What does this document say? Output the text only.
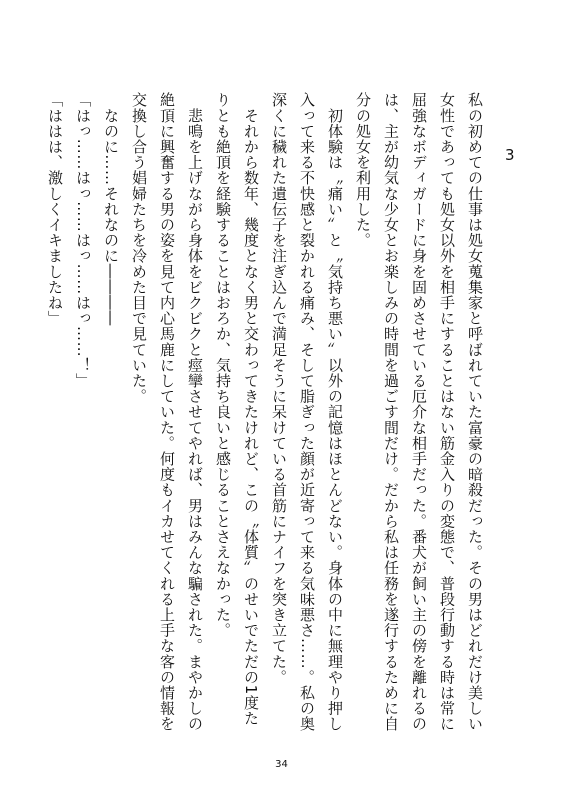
3

私の初めての仕事は処女蒐集家と呼ばれていた富豪の暗殺だった。その男はどれだけ美しい女性であっても処女以外を相手にすることはない筋金入りの変態で、普段行動する時は常に屈強なボディガードに身を固めさせている厄介な相手だった。番犬が飼い主の傍を離れるのは、主が幼気な少女とお楽しみの時間を過ごす間だけ。だから私は任務を遂行するために自分の処女を利用した。

　初体験は〝痛い〟と〝気持ち悪い〟以外の記憶はほとんどない。身体の中に無理やり押し入って来る不快感と裂かれる痛み、そして脂ぎった顔が近寄って来る気味悪さ……。私の奥深くに穢れた遺伝子を注ぎ込んで満足そうに呆けている首筋にナイフを突き立てた。

　それから数年、幾度となく男と交わってきたけれど、この〝体質〟のせいでただの1度たりとも絶頂を経験することはおろか、気持ち良いと感じることさえなかった。

　悲鳴を上げながら身体をビクビクと痙攣させてやれば、男はみんな騙された。まやかしの絶頂に興奮する男の姿を見て内心馬鹿にしていた。何度もイカせてくれる上手な客の情報を交換し合う娼婦たちを冷めた目で見ていた。

　なのに……それなのに――――

「はっ……はっ……はっ……はっ……！」

「ははは、激しくイキましたね」

34
